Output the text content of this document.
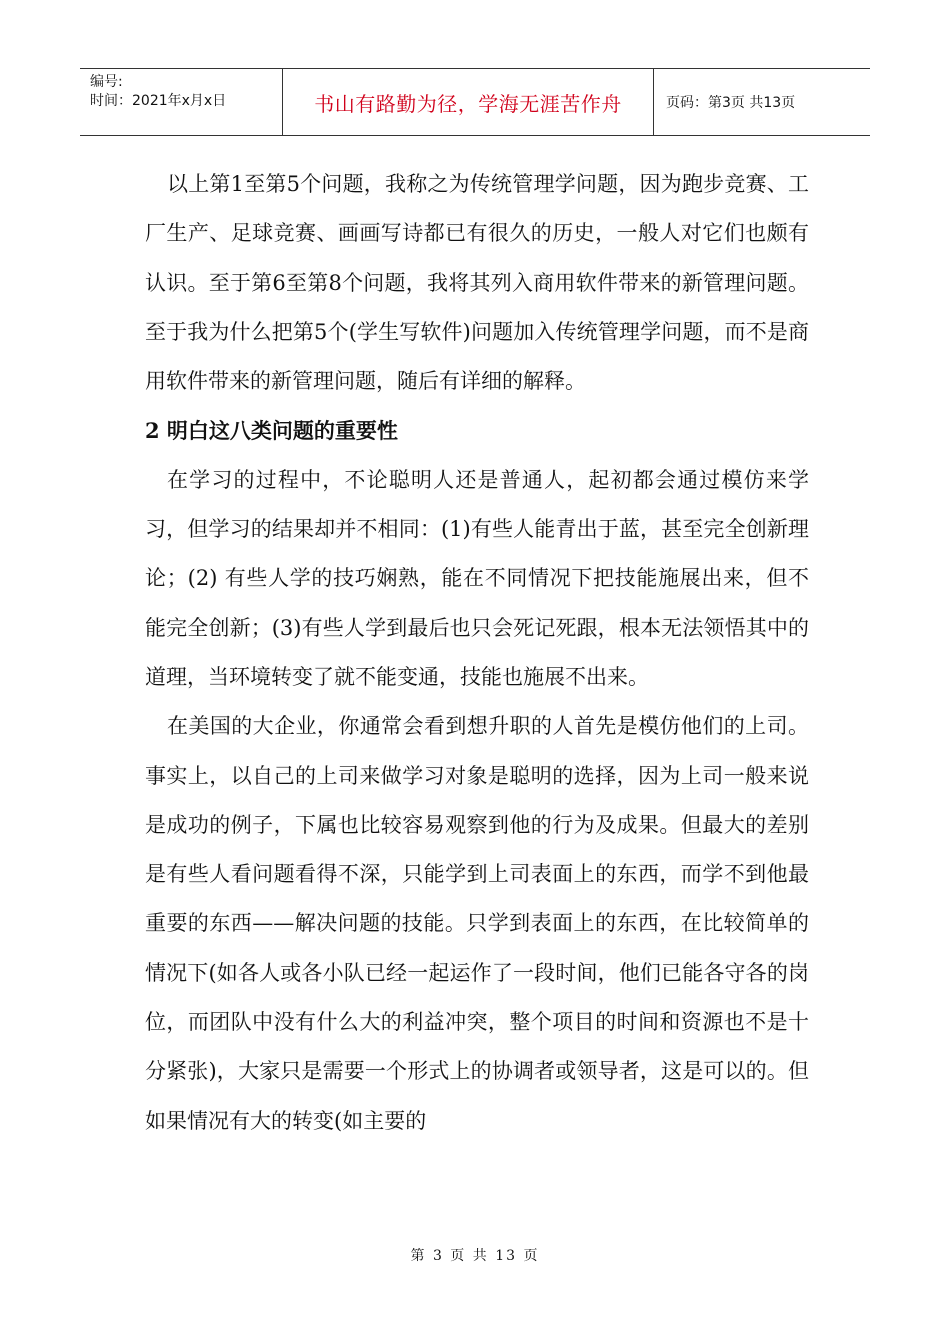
编号:
时间：2021年x月x日	书山有路勤为径，学海无涯苦作舟	页码：第3页 共13页

以上第1至第5个问题，我称之为传统管理学问题，因为跑步竞赛、工厂生产、足球竞赛、画画写诗都已有很久的历史，一般人对它们也颇有认识。至于第6至第8个问题，我将其列入商用软件带来的新管理问题。至于我为什么把第5个(学生写软件)问题加入传统管理学问题，而不是商用软件带来的新管理问题，随后有详细的解释。

2 明白这八类问题的重要性

在学习的过程中，不论聪明人还是普通人，起初都会通过模仿来学习，但学习的结果却并不相同：(1)有些人能青出于蓝，甚至完全创新理论；(2) 有些人学的技巧娴熟，能在不同情况下把技能施展出来，但不能完全创新；(3)有些人学到最后也只会死记死跟，根本无法领悟其中的道理，当环境转变了就不能变通，技能也施展不出来。

在美国的大企业，你通常会看到想升职的人首先是模仿他们的上司。事实上，以自己的上司来做学习对象是聪明的选择，因为上司一般来说是成功的例子，下属也比较容易观察到他的行为及成果。但最大的差别是有些人看问题看得不深，只能学到上司表面上的东西，而学不到他最重要的东西——解决问题的技能。只学到表面上的东西，在比较简单的情况下(如各人或各小队已经一起运作了一段时间，他们已能各守各的岗位，而团队中没有什么大的利益冲突，整个项目的时间和资源也不是十分紧张)，大家只是需要一个形式上的协调者或领导者，这是可以的。但如果情况有大的转变(如主要的

第 3 页 共 13 页
